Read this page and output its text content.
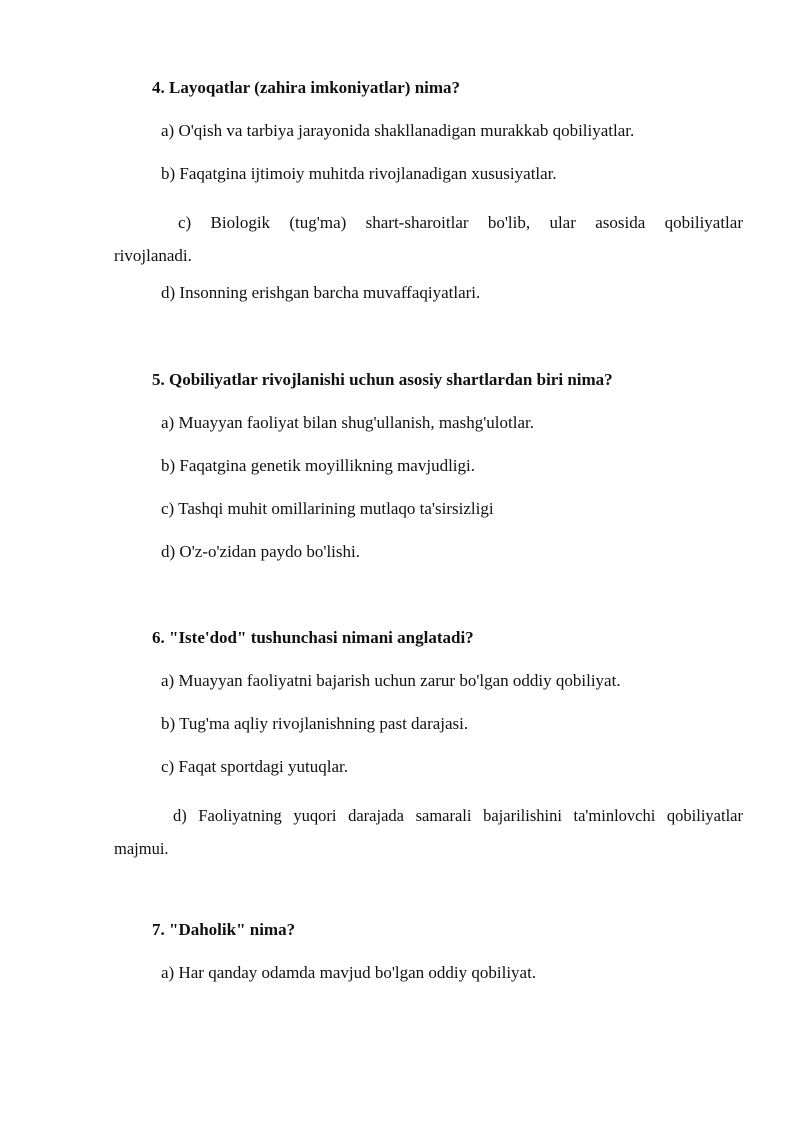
4. Layoqatlar (zahira imkoniyatlar) nima?

a) O'qish va tarbiya jarayonida shakllanadigan murakkab qobiliyatlar.

b) Faqatgina ijtimoiy muhitda rivojlanadigan xususiyatlar.

c) Biologik (tug'ma) shart-sharoitlar bo'lib, ular asosida qobiliyatlar rivojlanadi.

d) Insonning erishgan barcha muvaffaqiyatlari.

5. Qobiliyatlar rivojlanishi uchun asosiy shartlardan biri nima?

a) Muayyan faoliyat bilan shug'ullanish, mashg'ulotlar.

b) Faqatgina genetik moyillikning mavjudligi.

c) Tashqi muhit omillarining mutlaqo ta'sirsizligi

d) O'z-o'zidan paydo bo'lishi.

6. "Iste'dod" tushunchasi nimani anglatadi?

a) Muayyan faoliyatni bajarish uchun zarur bo'lgan oddiy qobiliyat.

b) Tug'ma aqliy rivojlanishning past darajasi.

c) Faqat sportdagi yutuqlar.

d) Faoliyatning yuqori darajada samarali bajarilishini ta'minlovchi qobiliyatlar majmui.

7. "Daholik" nima?

a) Har qanday odamda mavjud bo'lgan oddiy qobiliyat.
